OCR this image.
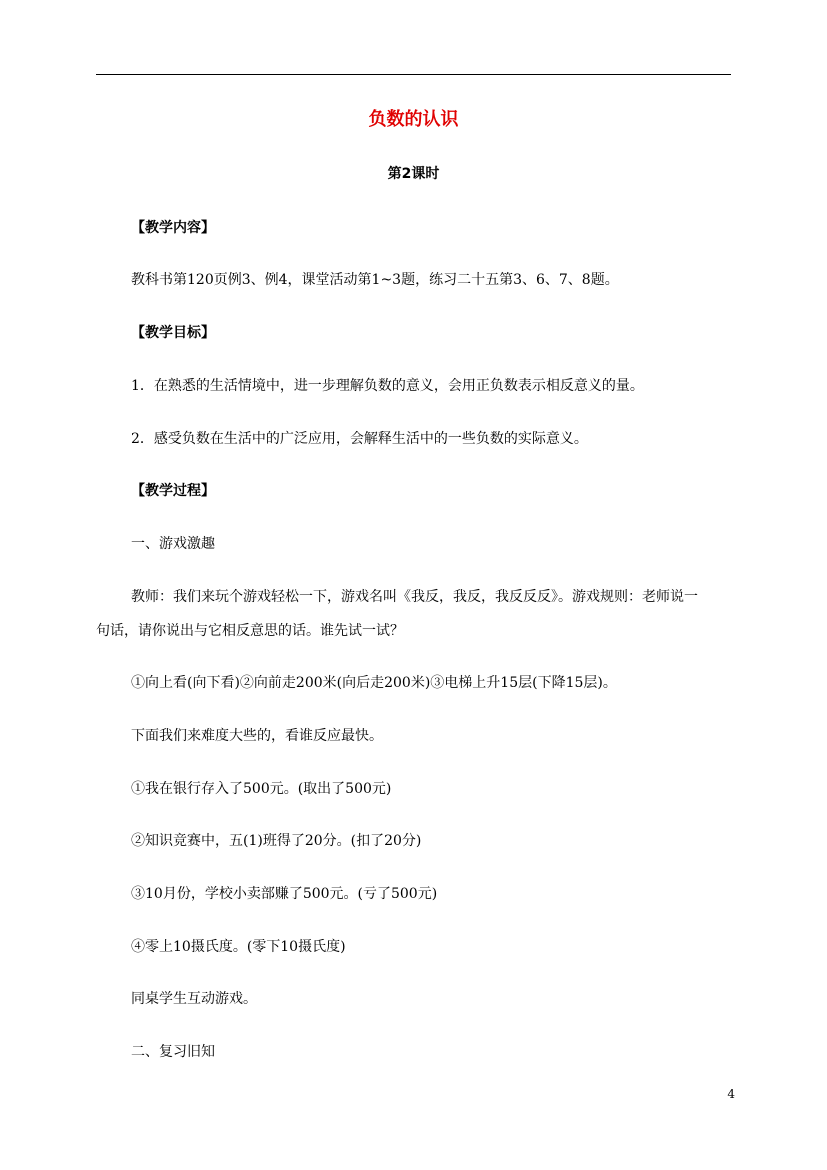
负数的认识
第2课时
【教学内容】
教科书第120页例3、例4，课堂活动第1~3题，练习二十五第3、6、7、8题。
【教学目标】
1．在熟悉的生活情境中，进一步理解负数的意义，会用正负数表示相反意义的量。
2．感受负数在生活中的广泛应用，会解释生活中的一些负数的实际意义。
【教学过程】
一、游戏激趣
教师：我们来玩个游戏轻松一下，游戏名叫《我反，我反，我反反反》。游戏规则：老师说一
句话，请你说出与它相反意思的话。谁先试一试？
①向上看(向下看)②向前走200米(向后走200米)③电梯上升15层(下降15层)。
下面我们来难度大些的，看谁反应最快。
①我在银行存入了500元。(取出了500元)
②知识竞赛中，五(1)班得了20分。(扣了20分)
③10月份，学校小卖部赚了500元。(亏了500元)
④零上10摄氏度。(零下10摄氏度)
同桌学生互动游戏。
二、复习旧知
4
